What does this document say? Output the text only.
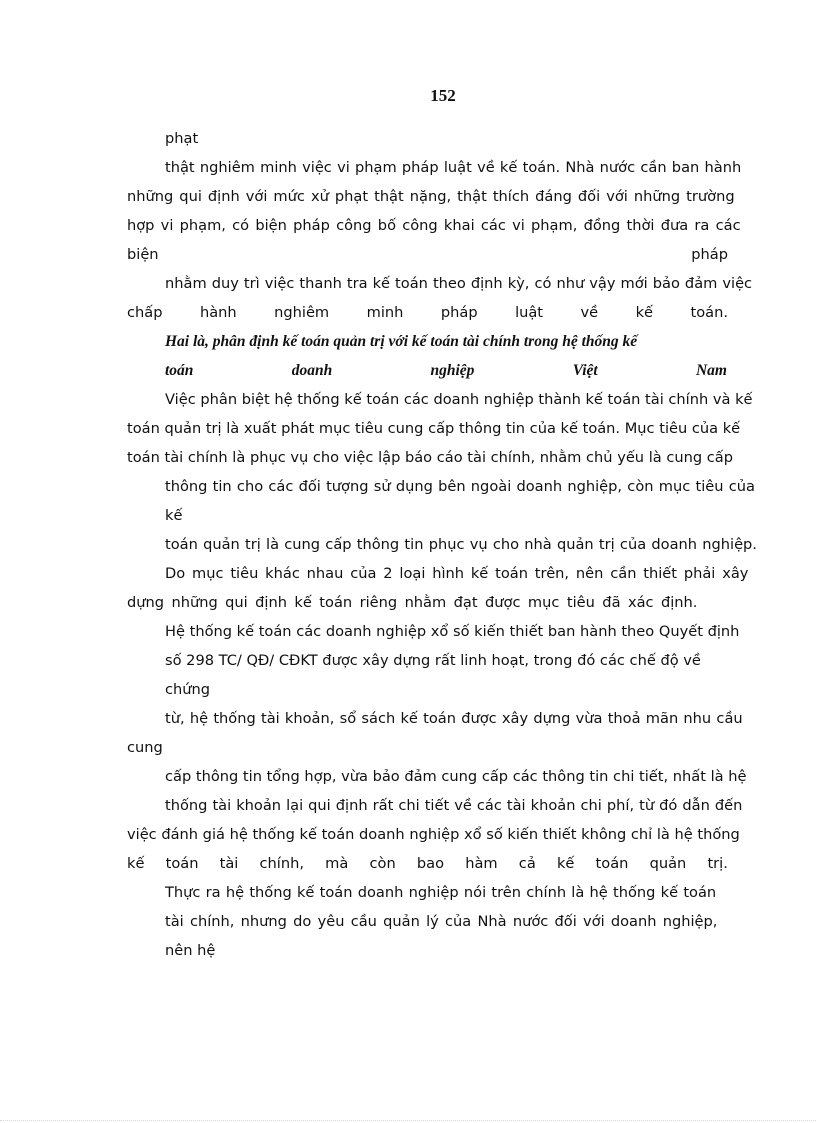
152
phạt
thật nghiêm minh việc vi phạm pháp luật về kế toán. Nhà nước cần ban hành
những qui định với mức xử phạt thật nặng, thật thích đáng đối với những trường
hợp vi phạm, có biện pháp công bố công khai các vi phạm, đồng thời đưa ra các
biện	pháp
nhằm duy trì việc thanh tra kế toán theo định kỳ, có như vậy mới bảo đảm việc
chấp	hành	nghiêm	minh	pháp	luật	về	kế	toán.
Hai là, phân định kế toán quản trị với kế toán tài chính trong hệ thống kế
toán	doanh	nghiệp	Việt	Nam
Việc phân biệt hệ thống kế toán các doanh nghiệp thành kế toán tài chính và kế
toán quản trị là xuất phát mục tiêu cung cấp thông tin của kế toán. Mục tiêu của kế
toán tài chính là phục vụ cho việc lập báo cáo tài chính, nhằm chủ yếu là cung cấp
thông tin cho các đối tượng sử dụng bên ngoài doanh nghiệp, còn mục tiêu của
kế
toán quản trị là cung cấp thông tin phục vụ cho nhà quản trị của doanh nghiệp.
Do mục tiêu khác nhau của 2 loại hình kế toán trên, nên cần thiết phải xây
dựng những qui định kế toán riêng nhằm đạt được mục tiêu đã xác định.
Hệ thống kế toán các doanh nghiệp xổ số kiến thiết ban hành theo Quyết định
số 298 TC/ QĐ/ CĐKT được xây dựng rất linh hoạt, trong đó các chế độ về
chứng
từ, hệ thống tài khoản, sổ sách kế toán được xây dựng vừa thoả mãn nhu cầu
cung
cấp thông tin tổng hợp, vừa bảo đảm cung cấp các thông tin chi tiết, nhất là hệ
thống tài khoản lại qui định rất chi tiết về các tài khoản chi phí, từ đó dẫn đến
việc đánh giá hệ thống kế toán doanh nghiệp xổ số kiến thiết không chỉ là hệ thống
kế toán tài chính, mà còn bao hàm cả kế toán quản trị.
Thực ra hệ thống kế toán doanh nghiệp nói trên chính là hệ thống kế toán
tài chính, nhưng do yêu cầu quản lý của Nhà nước đối với doanh nghiệp,
nên hệ
